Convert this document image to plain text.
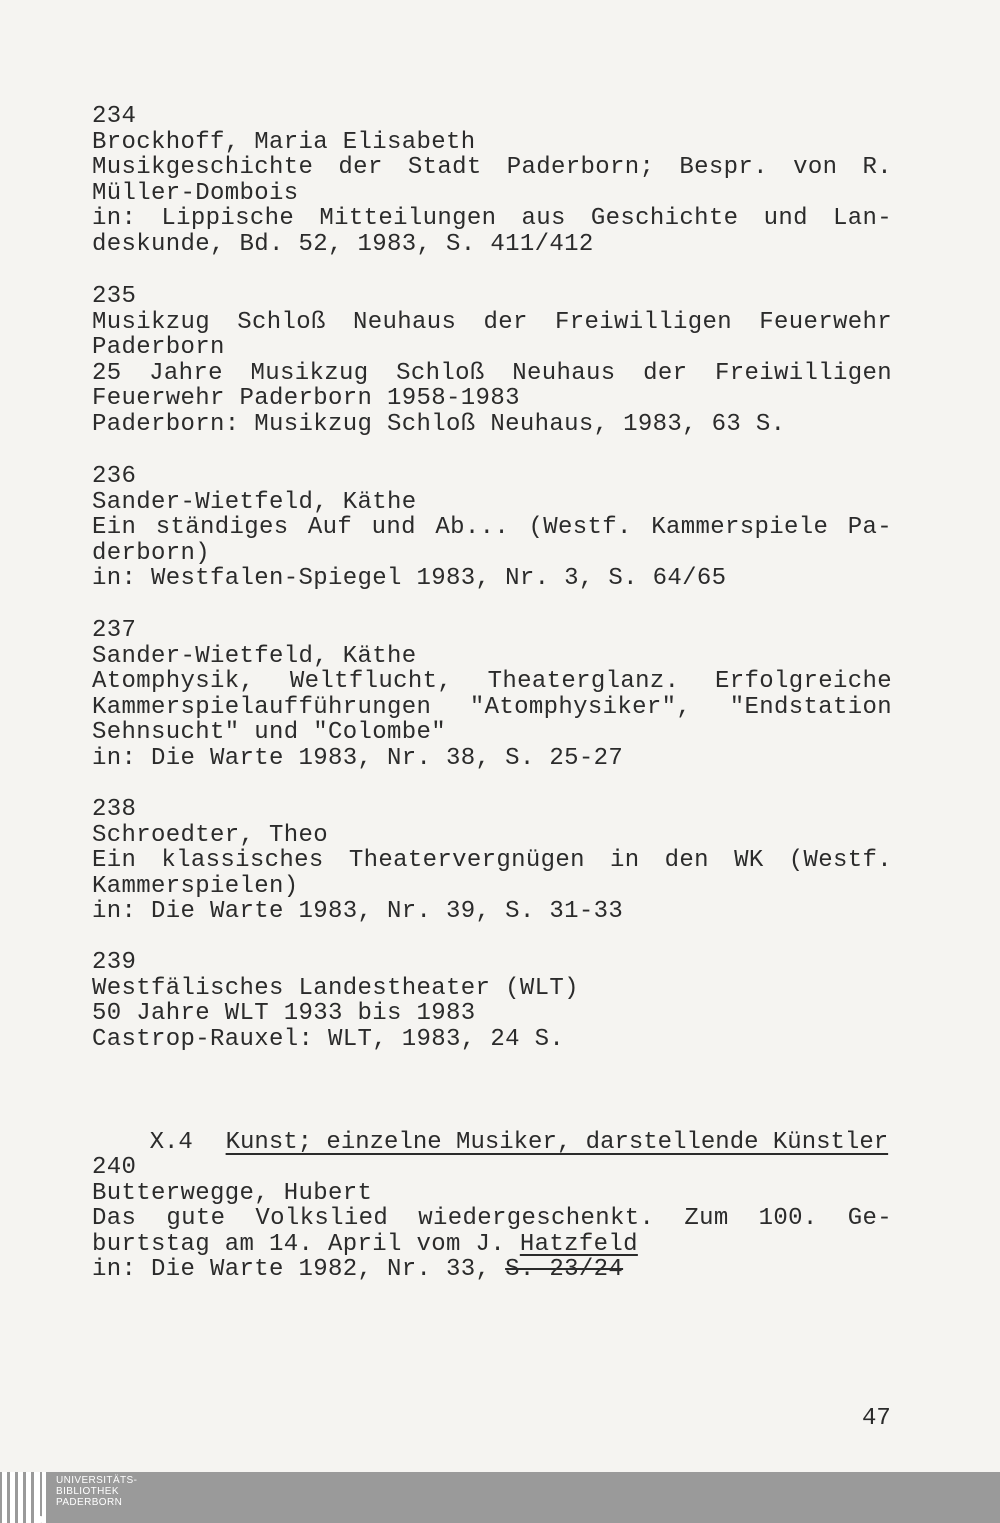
234
Brockhoff, Maria Elisabeth
Musikgeschichte der Stadt Paderborn; Bespr. von R.
Müller-Dombois
in: Lippische Mitteilungen aus Geschichte und Lan-
deskunde, Bd. 52, 1983, S. 411/412
235
Musikzug Schloß Neuhaus der Freiwilligen Feuerwehr
Paderborn
25 Jahre Musikzug Schloß Neuhaus der Freiwilligen
Feuerwehr Paderborn 1958-1983
Paderborn: Musikzug Schloß Neuhaus, 1983, 63 S.
236
Sander-Wietfeld, Käthe
Ein ständiges Auf und Ab... (Westf. Kammerspiele Pa-
derborn)
in: Westfalen-Spiegel 1983, Nr. 3, S. 64/65
237
Sander-Wietfeld, Käthe
Atomphysik, Weltflucht, Theaterglanz. Erfolgreiche
Kammerspielaufführungen "Atomphysiker", "Endstation
Sehnsucht" und "Colombe"
in: Die Warte 1983, Nr. 38, S. 25-27
238
Schroedter, Theo
Ein klassisches Theatervergnügen in den WK (Westf.
Kammerspielen)
in: Die Warte 1983, Nr. 39, S. 31-33
239
Westfälisches Landestheater (WLT)
50 Jahre WLT 1933 bis 1983
Castrop-Rauxel: WLT, 1983, 24 S.

X.4 Kunst; einzelne Musiker, darstellende Künstler

240
Butterwegge, Hubert
Das gute Volkslied wiedergeschenkt. Zum 100. Ge-
burtstag am 14. April vom J. Hatzfeld
in: Die Warte 1982, Nr. 33, S. 23/24
47
UNIVERSITÄTS-
BIBLIOTHEK
PADERBORN
